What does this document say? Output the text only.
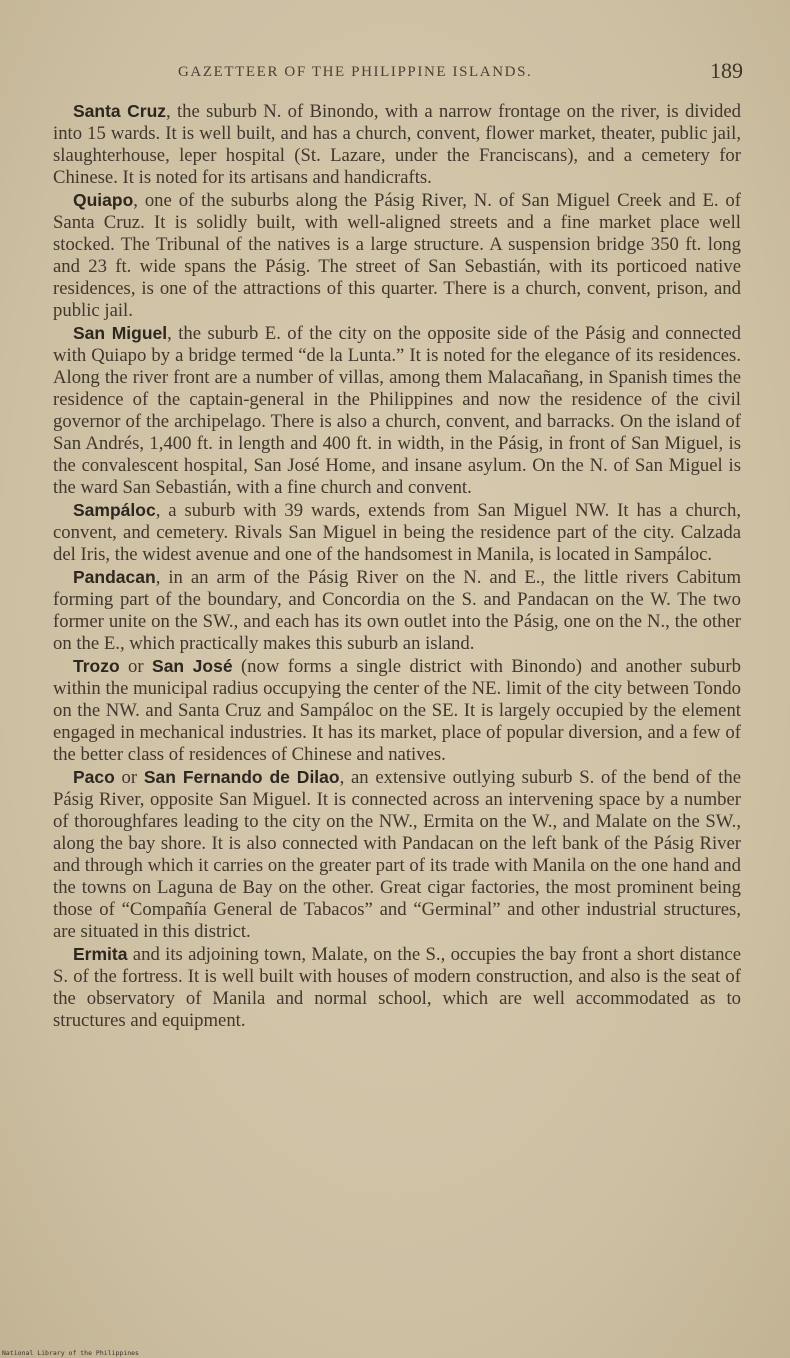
GAZETTEER OF THE PHILIPPINE ISLANDS.	189

Santa Cruz, the suburb N. of Binondo, with a narrow frontage on the river, is divided into 15 wards. It is well built, and has a church, convent, flower market, theater, public jail, slaughterhouse, leper hospital (St. Lazare, under the Franciscans), and a cemetery for Chinese. It is noted for its artisans and handicrafts.

Quiapo, one of the suburbs along the Pásig River, N. of San Miguel Creek and E. of Santa Cruz. It is solidly built, with well-aligned streets and a fine market place well stocked. The Tribunal of the natives is a large structure. A suspension bridge 350 ft. long and 23 ft. wide spans the Pásig. The street of San Sebastián, with its porticoed native residences, is one of the attractions of this quarter. There is a church, convent, prison, and public jail.

San Miguel, the suburb E. of the city on the opposite side of the Pásig and connected with Quiapo by a bridge termed “de la Lunta.” It is noted for the elegance of its residences. Along the river front are a number of villas, among them Malacañang, in Spanish times the residence of the captain-general in the Philippines and now the residence of the civil governor of the archipelago. There is also a church, convent, and barracks. On the island of San Andrés, 1,400 ft. in length and 400 ft. in width, in the Pásig, in front of San Miguel, is the convalescent hospital, San José Home, and insane asylum. On the N. of San Miguel is the ward San Sebastián, with a fine church and convent.

Sampáloc, a suburb with 39 wards, extends from San Miguel NW. It has a church, convent, and cemetery. Rivals San Miguel in being the residence part of the city. Calzada del Iris, the widest avenue and one of the handsomest in Manila, is located in Sampáloc.

Pandacan, in an arm of the Pásig River on the N. and E., the little rivers Cabitum forming part of the boundary, and Concordia on the S. and Pandacan on the W. The two former unite on the SW., and each has its own outlet into the Pásig, one on the N., the other on the E., which practically makes this suburb an island.

Trozo or San José (now forms a single district with Binondo) and another suburb within the municipal radius occupying the center of the NE. limit of the city between Tondo on the NW. and Santa Cruz and Sampáloc on the SE. It is largely occupied by the element engaged in mechanical industries. It has its market, place of popular diversion, and a few of the better class of residences of Chinese and natives.

Paco or San Fernando de Dilao, an extensive outlying suburb S. of the bend of the Pásig River, opposite San Miguel. It is connected across an intervening space by a number of thoroughfares leading to the city on the NW., Ermita on the W., and Malate on the SW., along the bay shore. It is also connected with Pandacan on the left bank of the Pásig River and through which it carries on the greater part of its trade with Manila on the one hand and the towns on Laguna de Bay on the other. Great cigar factories, the most prominent being those of “Compañía General de Tabacos” and “Germinal” and other industrial structures, are situated in this district.

Ermita and its adjoining town, Malate, on the S., occupies the bay front a short distance S. of the fortress. It is well built with houses of modern construction, and also is the seat of the observatory of Manila and normal school, which are well accommodated as to structures and equipment.

National Library of the Philippines
